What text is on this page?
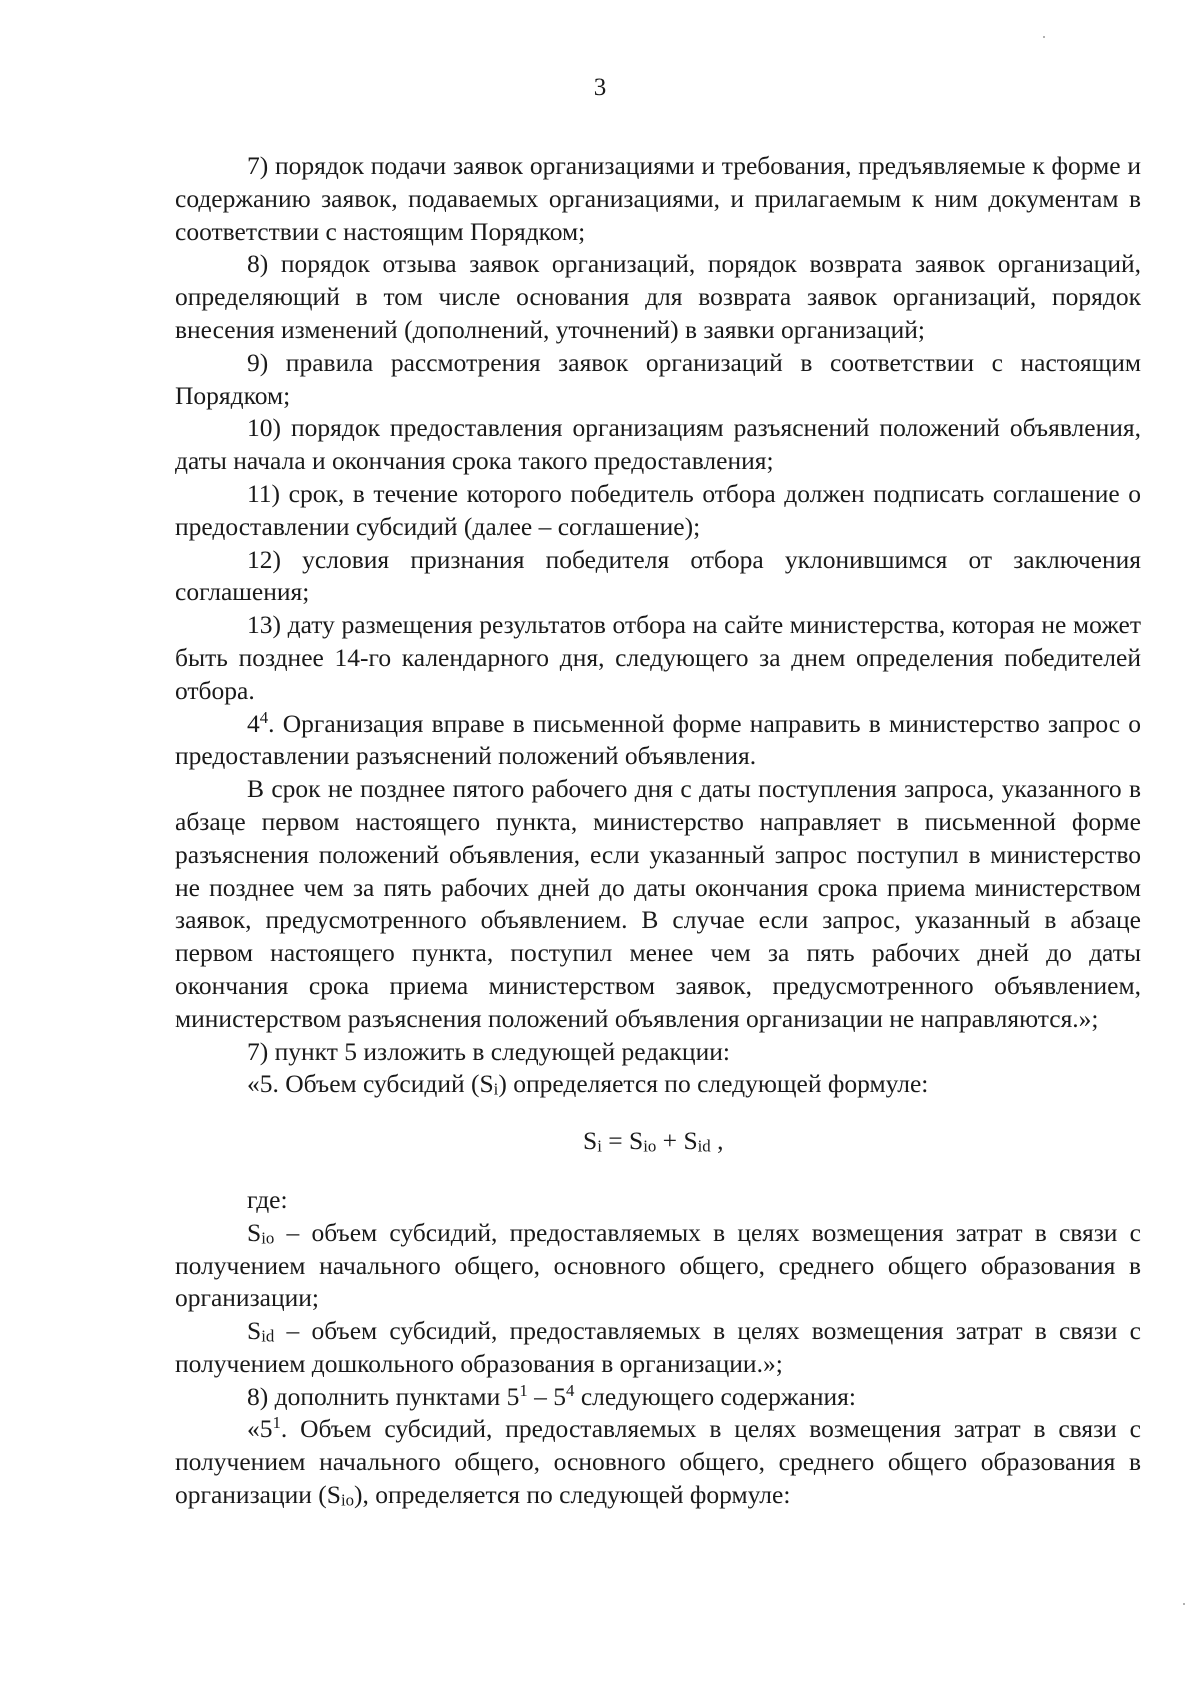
3

7) порядок подачи заявок организациями и требования, предъявляемые к форме и содержанию заявок, подаваемых организациями, и прилагаемым к ним документам в соответствии с настоящим Порядком;

8) порядок отзыва заявок организаций, порядок возврата заявок организаций, определяющий в том числе основания для возврата заявок организаций, порядок внесения изменений (дополнений, уточнений) в заявки организаций;

9) правила рассмотрения заявок организаций в соответствии с настоящим Порядком;

10) порядок предоставления организациям разъяснений положений объявления, даты начала и окончания срока такого предоставления;

11) срок, в течение которого победитель отбора должен подписать соглашение о предоставлении субсидий (далее – соглашение);

12) условия признания победителя отбора уклонившимся от заключения соглашения;

13) дату размещения результатов отбора на сайте министерства, которая не может быть позднее 14-го календарного дня, следующего за днем определения победителей отбора.

$4^4$. Организация вправе в письменной форме направить в министерство запрос о предоставлении разъяснений положений объявления.

В срок не позднее пятого рабочего дня с даты поступления запроса, указанного в абзаце первом настоящего пункта, министерство направляет в письменной форме разъяснения положений объявления, если указанный запрос поступил в министерство не позднее чем за пять рабочих дней до даты окончания срока приема министерством заявок, предусмотренного объявлением. В случае если запрос, указанный в абзаце первом настоящего пункта, поступил менее чем за пять рабочих дней до даты окончания срока приема министерством заявок, предусмотренного объявлением, министерством разъяснения положений объявления организации не направляются.»;

7) пункт 5 изложить в следующей редакции:

«5. Объем субсидий $(S_i)$ определяется по следующей формуле:

$S_i = S_{io} + S_{id}$ ,

где:

$S_{io}$ – объем субсидий, предоставляемых в целях возмещения затрат в связи с получением начального общего, основного общего, среднего общего образования в организации;

$S_{id}$ – объем субсидий, предоставляемых в целях возмещения затрат в связи с получением дошкольного образования в организации.»;

8) дополнить пунктами $5^1 - 5^4$ следующего содержания:

«$5^1$. Объем субсидий, предоставляемых в целях возмещения затрат в связи с получением начального общего, основного общего, среднего общего образования в организации $(S_{io})$, определяется по следующей формуле:
